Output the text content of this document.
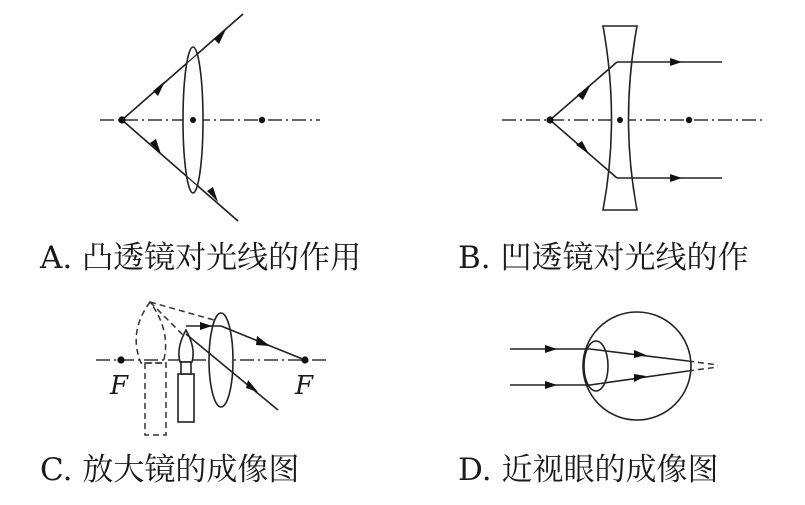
A. 凸透镜对光线的作用	B. 凹透镜对光线的作
F	F
C. 放大镜的成像图	D. 近视眼的成像图
